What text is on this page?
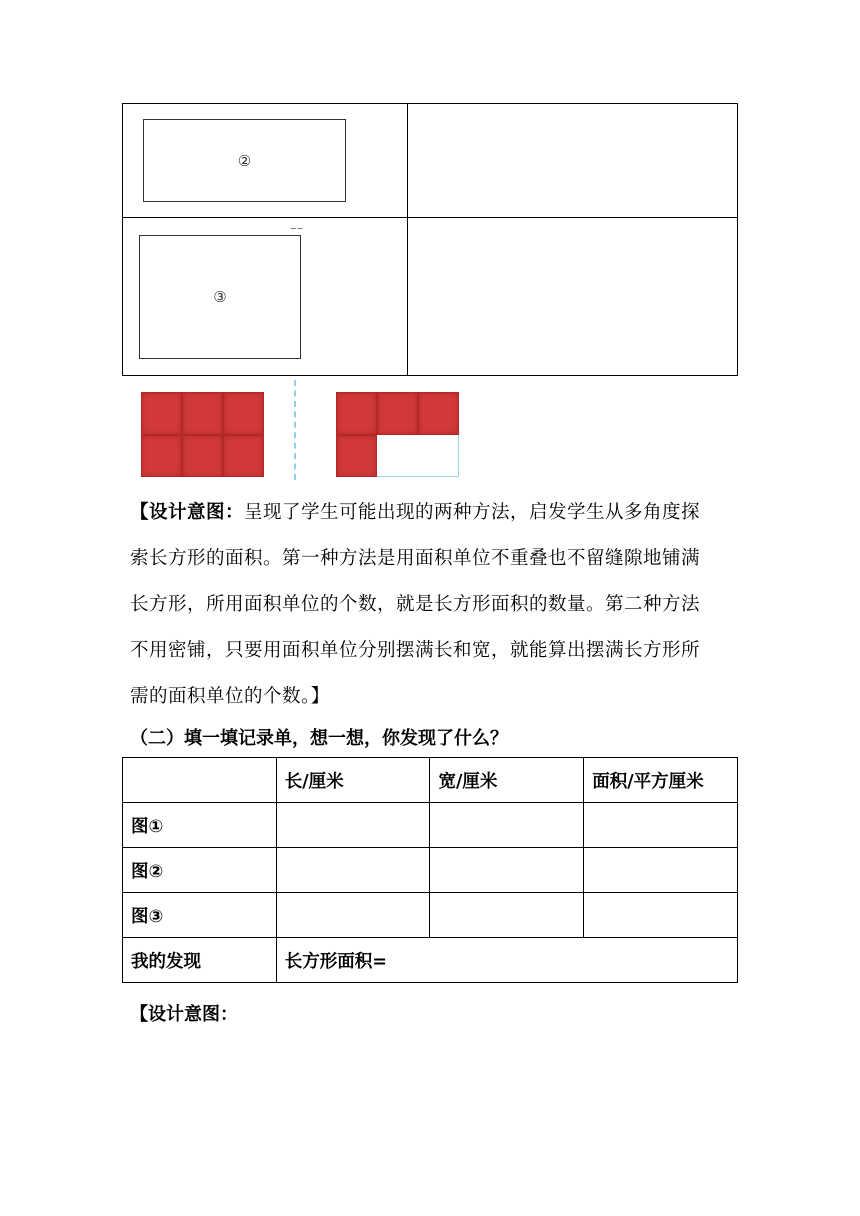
②
~~
③
【设计意图：呈现了学生可能出现的两种方法，启发学生从多角度探
索长方形的面积。第一种方法是用面积单位不重叠也不留缝隙地铺满
长方形，所用面积单位的个数，就是长方形面积的数量。第二种方法
不用密铺，只要用面积单位分别摆满长和宽，就能算出摆满长方形所
需的面积单位的个数。】
（二）填一填记录单，想一想，你发现了什么？
	长/厘米	宽/厘米	面积/平方厘米
图①			
图②			
图③			
我的发现	长方形面积=		
【设计意图：
